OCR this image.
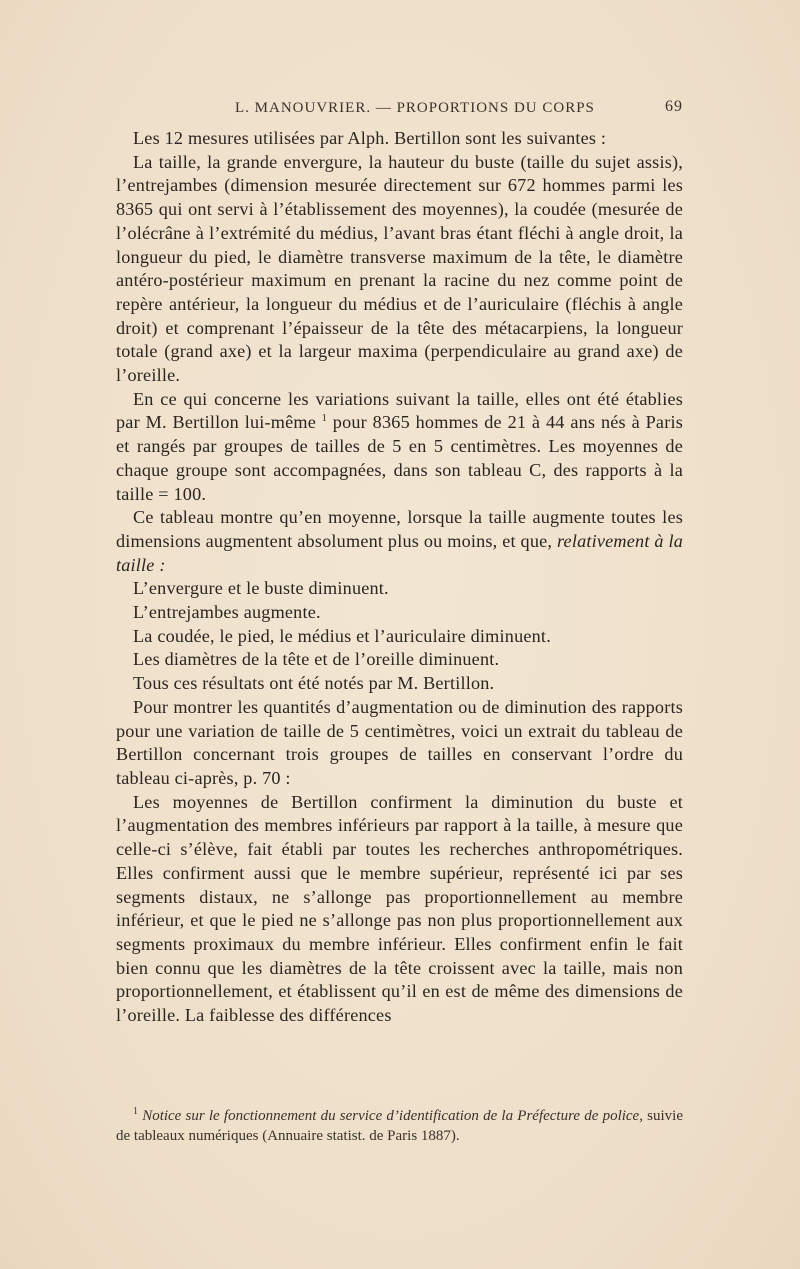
L. MANOUVRIER. — PROPORTIONS DU CORPS	69

Les 12 mesures utilisées par Alph. Bertillon sont les suivantes :

La taille, la grande envergure, la hauteur du buste (taille du sujet assis), l’entrejambes (dimension mesurée directement sur 672 hommes parmi les 8365 qui ont servi à l’établissement des moyennes), la coudée (mesurée de l’olécrâne à l’extrémité du médius, l’avant bras étant fléchi à angle droit, la longueur du pied, le diamètre transverse maximum de la tête, le diamètre antéro-postérieur maximum en prenant la racine du nez comme point de repère antérieur, la longueur du médius et de l’auriculaire (fléchis à angle droit) et comprenant l’épaisseur de la tête des métacarpiens, la longueur totale (grand axe) et la largeur maxima (perpendiculaire au grand axe) de l’oreille.

En ce qui concerne les variations suivant la taille, elles ont été établies par M. Bertillon lui-même $^1$ pour 8365 hommes de 21 à 44 ans nés à Paris et rangés par groupes de tailles de 5 en 5 centimètres. Les moyennes de chaque groupe sont accompagnées, dans son tableau C, des rapports à la taille = 100.

Ce tableau montre qu’en moyenne, lorsque la taille augmente toutes les dimensions augmentent absolument plus ou moins, et que, relativement à la taille :

L’envergure et le buste diminuent.

L’entrejambes augmente.

La coudée, le pied, le médius et l’auriculaire diminuent.

Les diamètres de la tête et de l’oreille diminuent.

Tous ces résultats ont été notés par M. Bertillon.

Pour montrer les quantités d’augmentation ou de diminution des rapports pour une variation de taille de 5 centimètres, voici un extrait du tableau de Bertillon concernant trois groupes de tailles en conservant l’ordre du tableau ci-après, p. 70 :

Les moyennes de Bertillon confirment la diminution du buste et l’augmentation des membres inférieurs par rapport à la taille, à mesure que celle-ci s’élève, fait établi par toutes les recherches anthropométriques. Elles confirment aussi que le membre supérieur, représenté ici par ses segments distaux, ne s’allonge pas proportionnellement au membre inférieur, et que le pied ne s’allonge pas non plus proportionnellement aux segments proximaux du membre inférieur. Elles confirment enfin le fait bien connu que les diamètres de la tête croissent avec la taille, mais non proportionnellement, et établissent qu’il en est de même des dimensions de l’oreille. La faiblesse des différences

$^1$ Notice sur le fonctionnement du service d’identification de la Préfecture de police, suivie de tableaux numériques (Annuaire statist. de Paris 1887).
